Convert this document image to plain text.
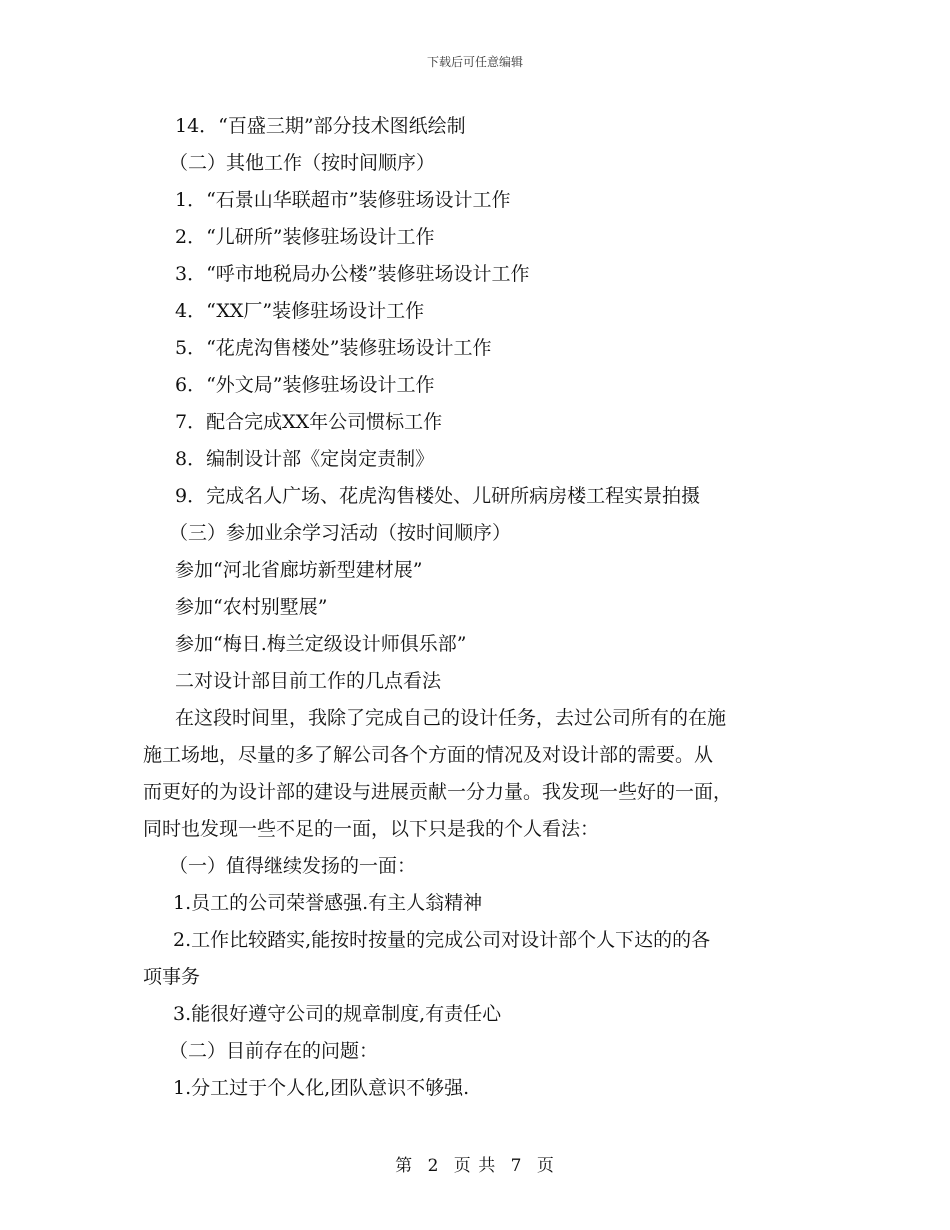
下载后可任意编辑
14．“百盛三期”部分技术图纸绘制
（二）其他工作（按时间顺序）
1．“石景山华联超市”装修驻场设计工作
2．“儿研所”装修驻场设计工作
3．“呼市地税局办公楼”装修驻场设计工作
4．“XX厂”装修驻场设计工作
5．“花虎沟售楼处”装修驻场设计工作
6．“外文局”装修驻场设计工作
7．配合完成XX年公司惯标工作
8．编制设计部《定岗定责制》
9．完成名人广场、花虎沟售楼处、儿研所病房楼工程实景拍摄
（三）参加业余学习活动（按时间顺序）
参加“河北省廊坊新型建材展”
参加“农村别墅展”
参加“梅日.梅兰定级设计师俱乐部”
二对设计部目前工作的几点看法
在这段时间里，我除了完成自己的设计任务，去过公司所有的在施
施工场地，尽量的多了解公司各个方面的情况及对设计部的需要。从
而更好的为设计部的建设与进展贡献一分力量。我发现一些好的一面，
同时也发现一些不足的一面，以下只是我的个人看法：
（一）值得继续发扬的一面：
1.员工的公司荣誉感强.有主人翁精神
2.工作比较踏实,能按时按量的完成公司对设计部个人下达的的各
项事务
3.能很好遵守公司的规章制度,有责任心
（二）目前存在的问题：
1.分工过于个人化,团队意识不够强.
第 2 页 共 7 页
